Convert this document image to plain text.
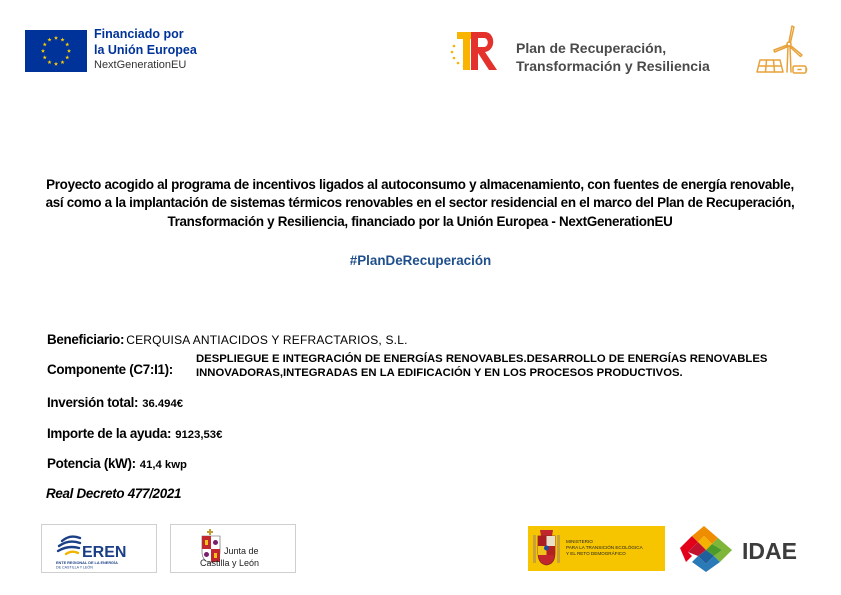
Financiado por
la Unión Europea
NextGenerationEU
Plan de Recuperación,
Transformación y Resiliencia
Proyecto acogido al programa de incentivos ligados al autoconsumo y almacenamiento, con fuentes de energía renovable, así como a la implantación de sistemas térmicos renovables en el sector residencial en el marco del Plan de Recuperación, Transformación y Resiliencia, financiado por la Unión Europea - NextGenerationEU
#PlanDeRecuperación
Beneficiario: CERQUISA ANTIACIDOS Y REFRACTARIOS, S.L.
Componente (C7:I1):
DESPLIEGUE E INTEGRACIÓN DE ENERGÍAS RENOVABLES.DESARROLLO DE ENERGÍAS RENOVABLES
INNOVADORAS,INTEGRADAS EN LA EDIFICACIÓN Y EN LOS PROCESOS PRODUCTIVOS.
Inversión total: 36.494€
Importe de la ayuda: 9123,53€
Potencia (kW): 41,4 kwp
Real Decreto 477/2021
EREN
ENTE REGIONAL DE LA ENERGÍA
DE CASTILLA Y LEÓN
Junta de
Castilla y León
MINISTERIO
PARA LA TRANSICIÓN ECOLÓGICA
Y EL RETO DEMOGRÁFICO	IDAE
